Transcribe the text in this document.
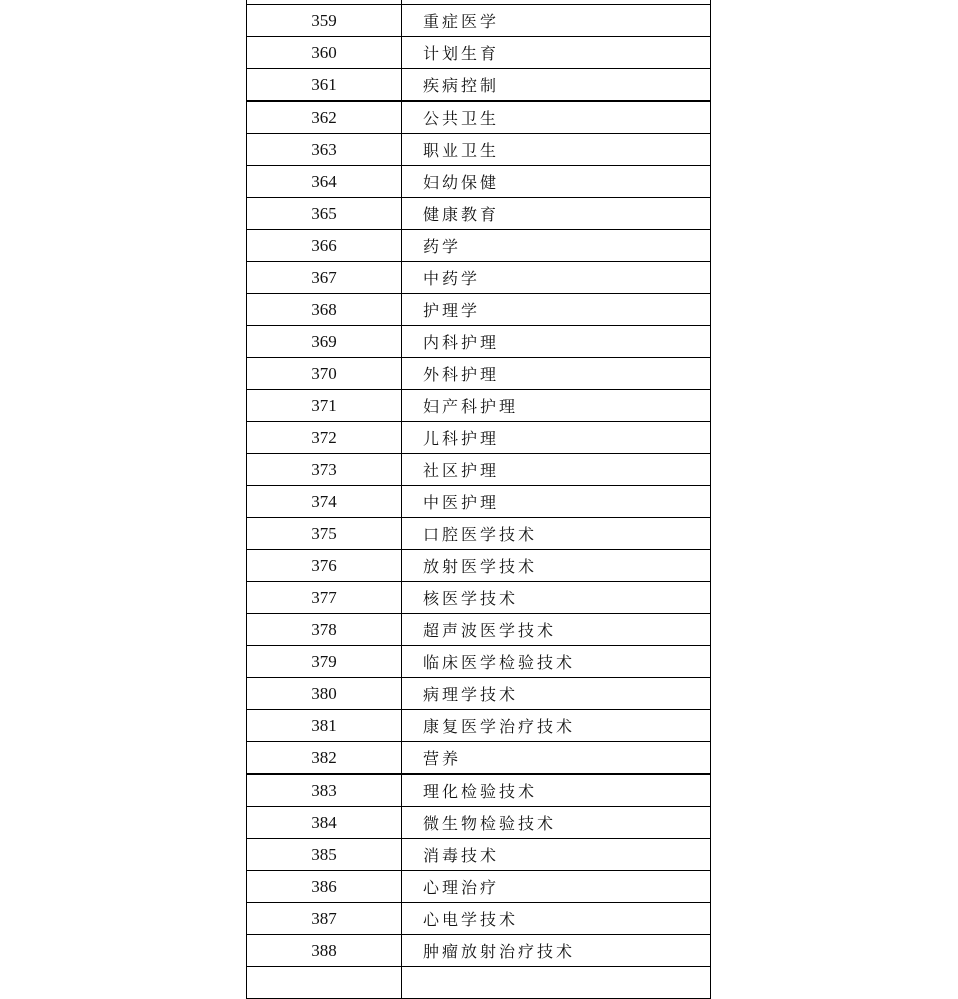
359	重症医学
360	计划生育
361	疾病控制
362	公共卫生
363	职业卫生
364	妇幼保健
365	健康教育
366	药学
367	中药学
368	护理学
369	内科护理
370	外科护理
371	妇产科护理
372	儿科护理
373	社区护理
374	中医护理
375	口腔医学技术
376	放射医学技术
377	核医学技术
378	超声波医学技术
379	临床医学检验技术
380	病理学技术
381	康复医学治疗技术
382	营养
383	理化检验技术
384	微生物检验技术
385	消毒技术
386	心理治疗
387	心电学技术
388	肿瘤放射治疗技术
